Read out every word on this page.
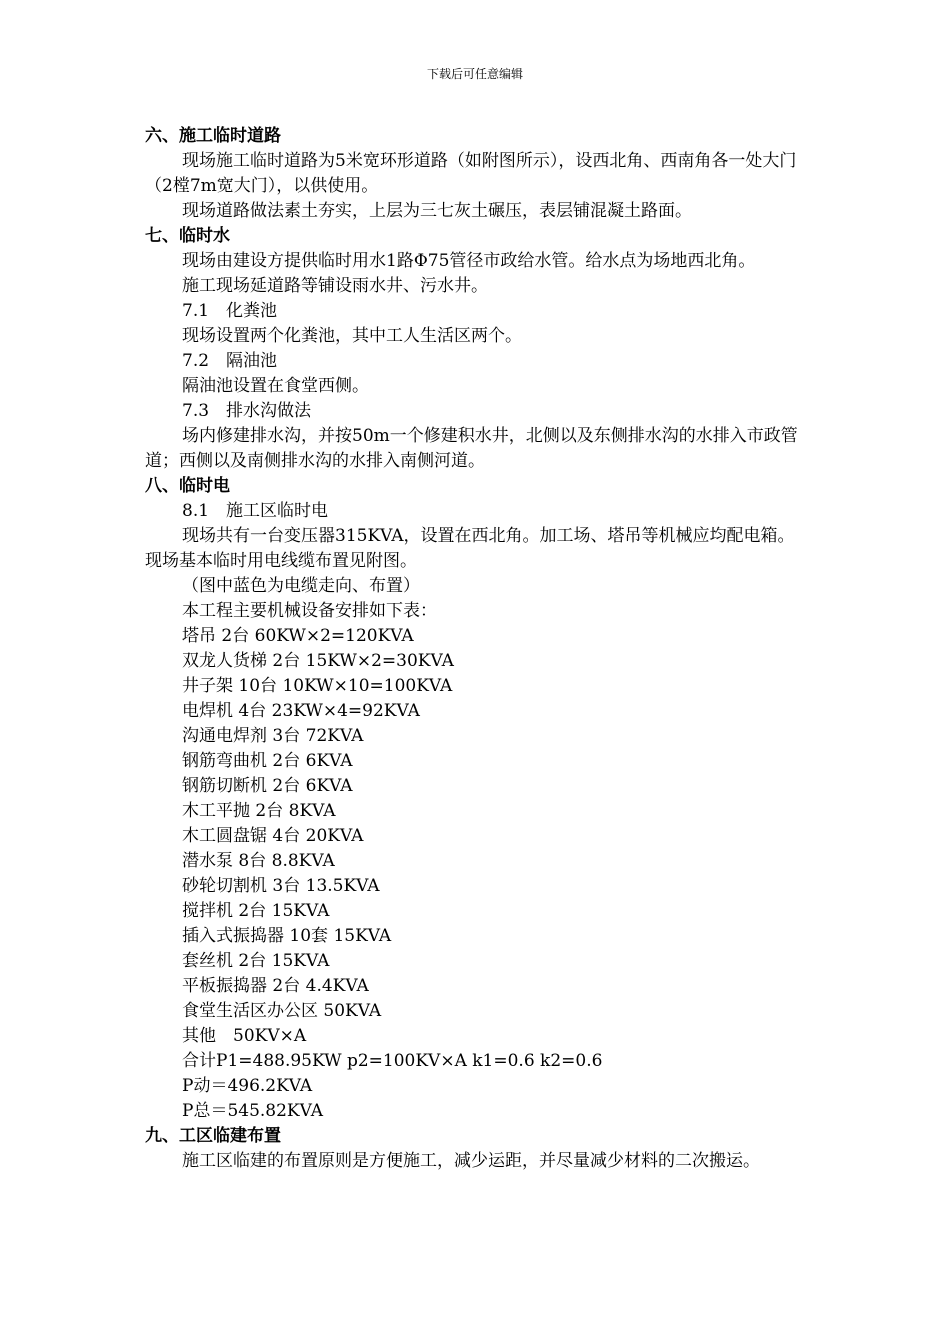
下载后可任意编辑

六、施工临时道路

现场施工临时道路为5米宽环形道路（如附图所示），设西北角、西南角各一处大门（2樘7m宽大门），以供使用。

现场道路做法素土夯实，上层为三七灰土碾压，表层铺混凝土路面。

七、临时水

现场由建设方提供临时用水1路Φ75管径市政给水管。给水点为场地西北角。

施工现场延道路等铺设雨水井、污水井。

7.1　化粪池

现场设置两个化粪池，其中工人生活区两个。

7.2　隔油池

隔油池设置在食堂西侧。

7.3　排水沟做法

场内修建排水沟，并按50m一个修建积水井，北侧以及东侧排水沟的水排入市政管道；西侧以及南侧排水沟的水排入南侧河道。

八、临时电

8.1　施工区临时电

现场共有一台变压器315KVA，设置在西北角。加工场、塔吊等机械应均配电箱。现场基本临时用电线缆布置见附图。

（图中蓝色为电缆走向、布置）

本工程主要机械设备安排如下表：

塔吊 2台 60KW×2=120KVA

双龙人货梯 2台 15KW×2=30KVA

井子架 10台 10KW×10=100KVA

电焊机 4台 23KW×4=92KVA

沟通电焊剂 3台 72KVA

钢筋弯曲机 2台 6KVA

钢筋切断机 2台 6KVA

木工平抛 2台 8KVA

木工圆盘锯 4台 20KVA

潜水泵 8台 8.8KVA

砂轮切割机 3台 13.5KVA

搅拌机 2台 15KVA

插入式振捣器 10套 15KVA

套丝机 2台 15KVA

平板振捣器 2台 4.4KVA

食堂生活区办公区 50KVA

其他　50KV×A

合计P1=488.95KW p2=100KV×A k1=0.6 k2=0.6

P动＝496.2KVA

P总＝545.82KVA

九、工区临建布置

施工区临建的布置原则是方便施工，减少运距，并尽量减少材料的二次搬运。
